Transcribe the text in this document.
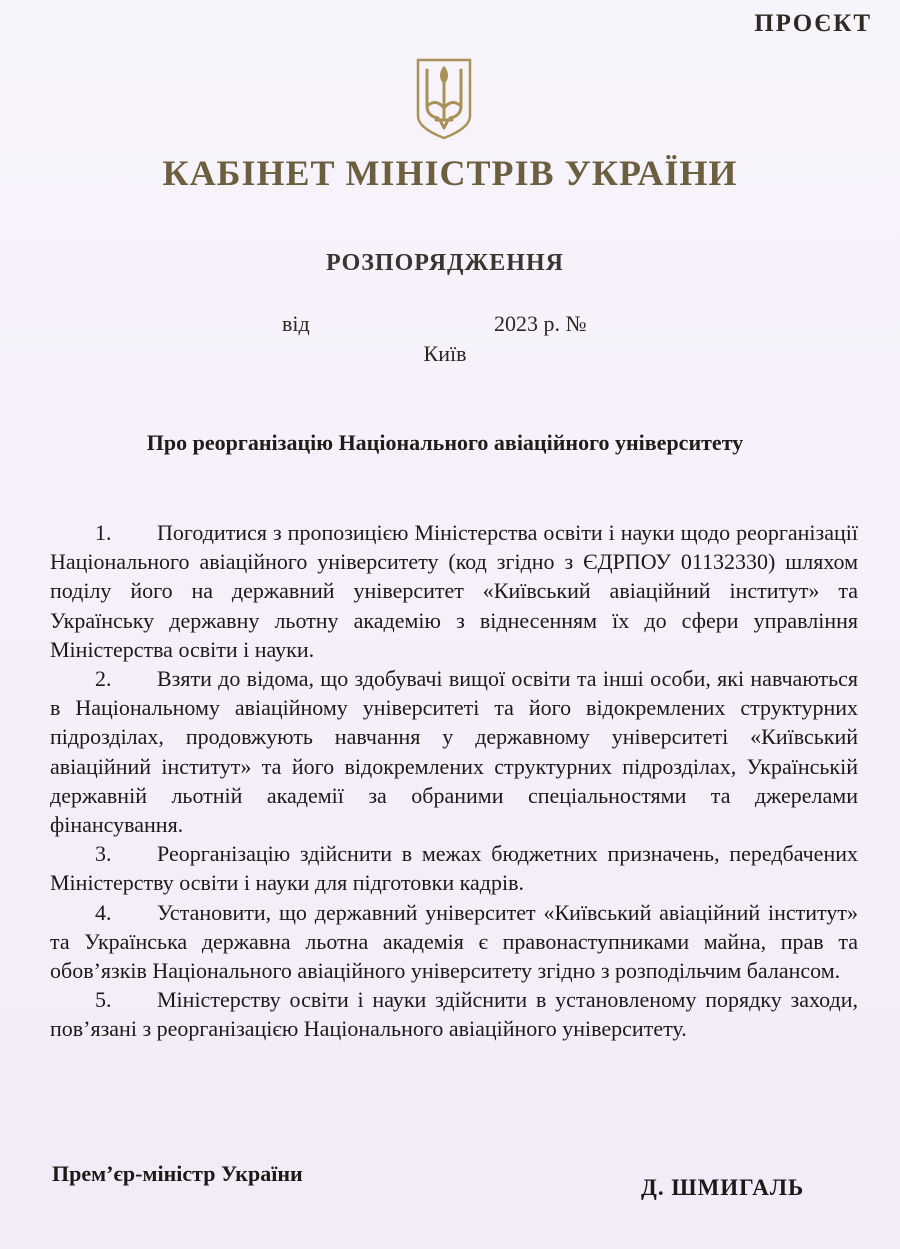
ПРОЄКТ
КАБІНЕТ МІНІСТРІВ УКРАЇНИ
РОЗПОРЯДЖЕННЯ
від	2023 р. №
Київ
Про реорганізацію Національного авіаційного університету

1. Погодитися з пропозицією Міністерства освіти і науки щодо реорганізації Національного авіаційного університету (код згідно з ЄДРПОУ 01132330) шляхом поділу його на державний університет «Київський авіаційний інститут» та Українську державну льотну академію з віднесенням їх до сфери управління Міністерства освіти і науки.

2. Взяти до відома, що здобувачі вищої освіти та інші особи, які навчаються в Національному авіаційному університеті та його відокремлених структурних підрозділах, продовжують навчання у державному університеті «Київський авіаційний інститут» та його відокремлених структурних підрозділах, Українській державній льотній академії за обраними спеціальностями та джерелами фінансування.

3. Реорганізацію здійснити в межах бюджетних призначень, передбачених Міністерству освіти і науки для підготовки кадрів.

4. Установити, що державний університет «Київський авіаційний інститут» та Українська державна льотна академія є правонаступниками майна, прав та обов’язків Національного авіаційного університету згідно з розподільчим балансом.

5. Міністерству освіти і науки здійснити в установленому порядку заходи, пов’язані з реорганізацією Національного авіаційного університету.

Прем’єр-міністр України
Д. ШМИГАЛЬ
